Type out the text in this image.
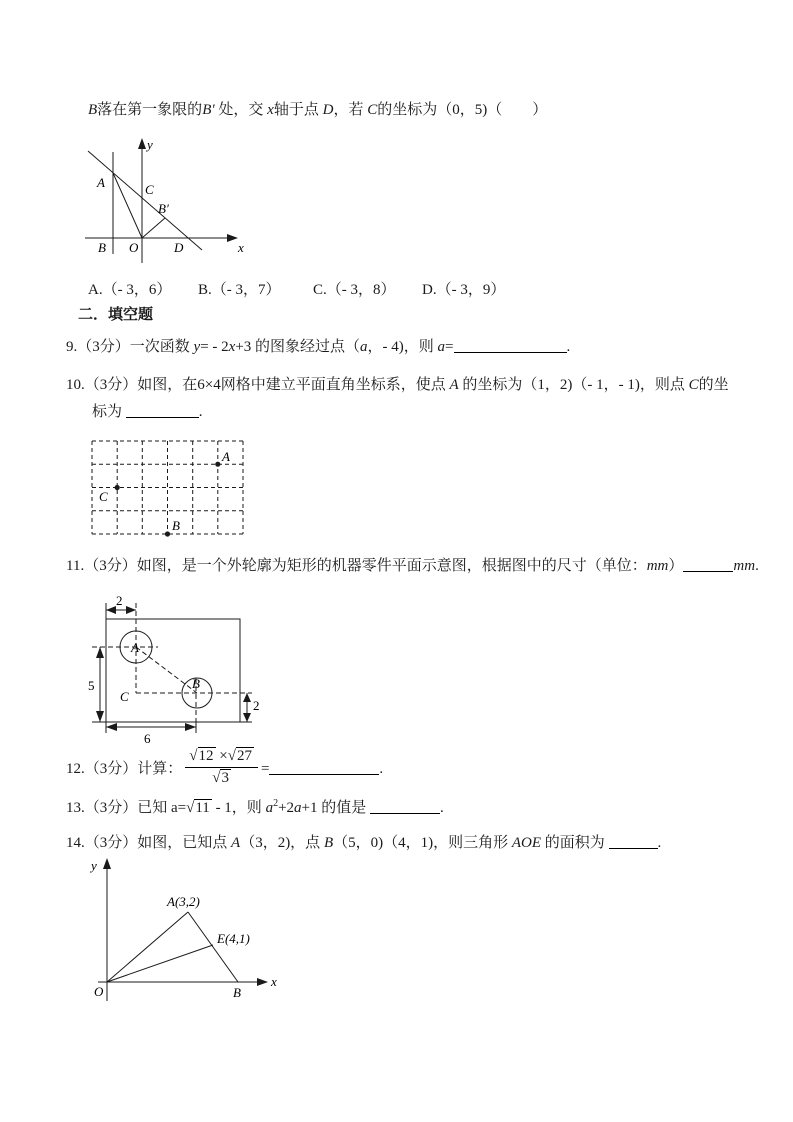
B落在第一象限的B′ 处，交 x轴于点 D，若 C的坐标为（0，5)（　　）
y
x
A
B
C
B′
D
O
A.（- 3，6） B.（- 3，7） C.（- 3，8） D.（- 3，9）
二．填空题
9.（3分）一次函数 y= - 2x+3 的图象经过点（a，- 4)，则 a=	.
10.（3分）如图，在6×4网格中建立平面直角坐标系，使点 A 的坐标为（1，2)（- 1，- 1)，则点 C的坐
标为	.
A
C
B
11.（3分）如图，是一个外轮廓为矩形的机器零件平面示意图，根据图中的尺寸（单位：mm）	mm.
2
5
6
2
A
B
C
12.（3分）计算： $\frac{√12 \times√27}{√3}$ =	.
13.（3分）已知 a=√11 - 1，则 $a^2+2a+1$ 的值是	.
14.（3分）如图，已知点 A（3，2)，点 B（5，0)（4，1)，则三角形 AOE 的面积为	.
y
x
O
A(3,2)
E(4,1)
B
